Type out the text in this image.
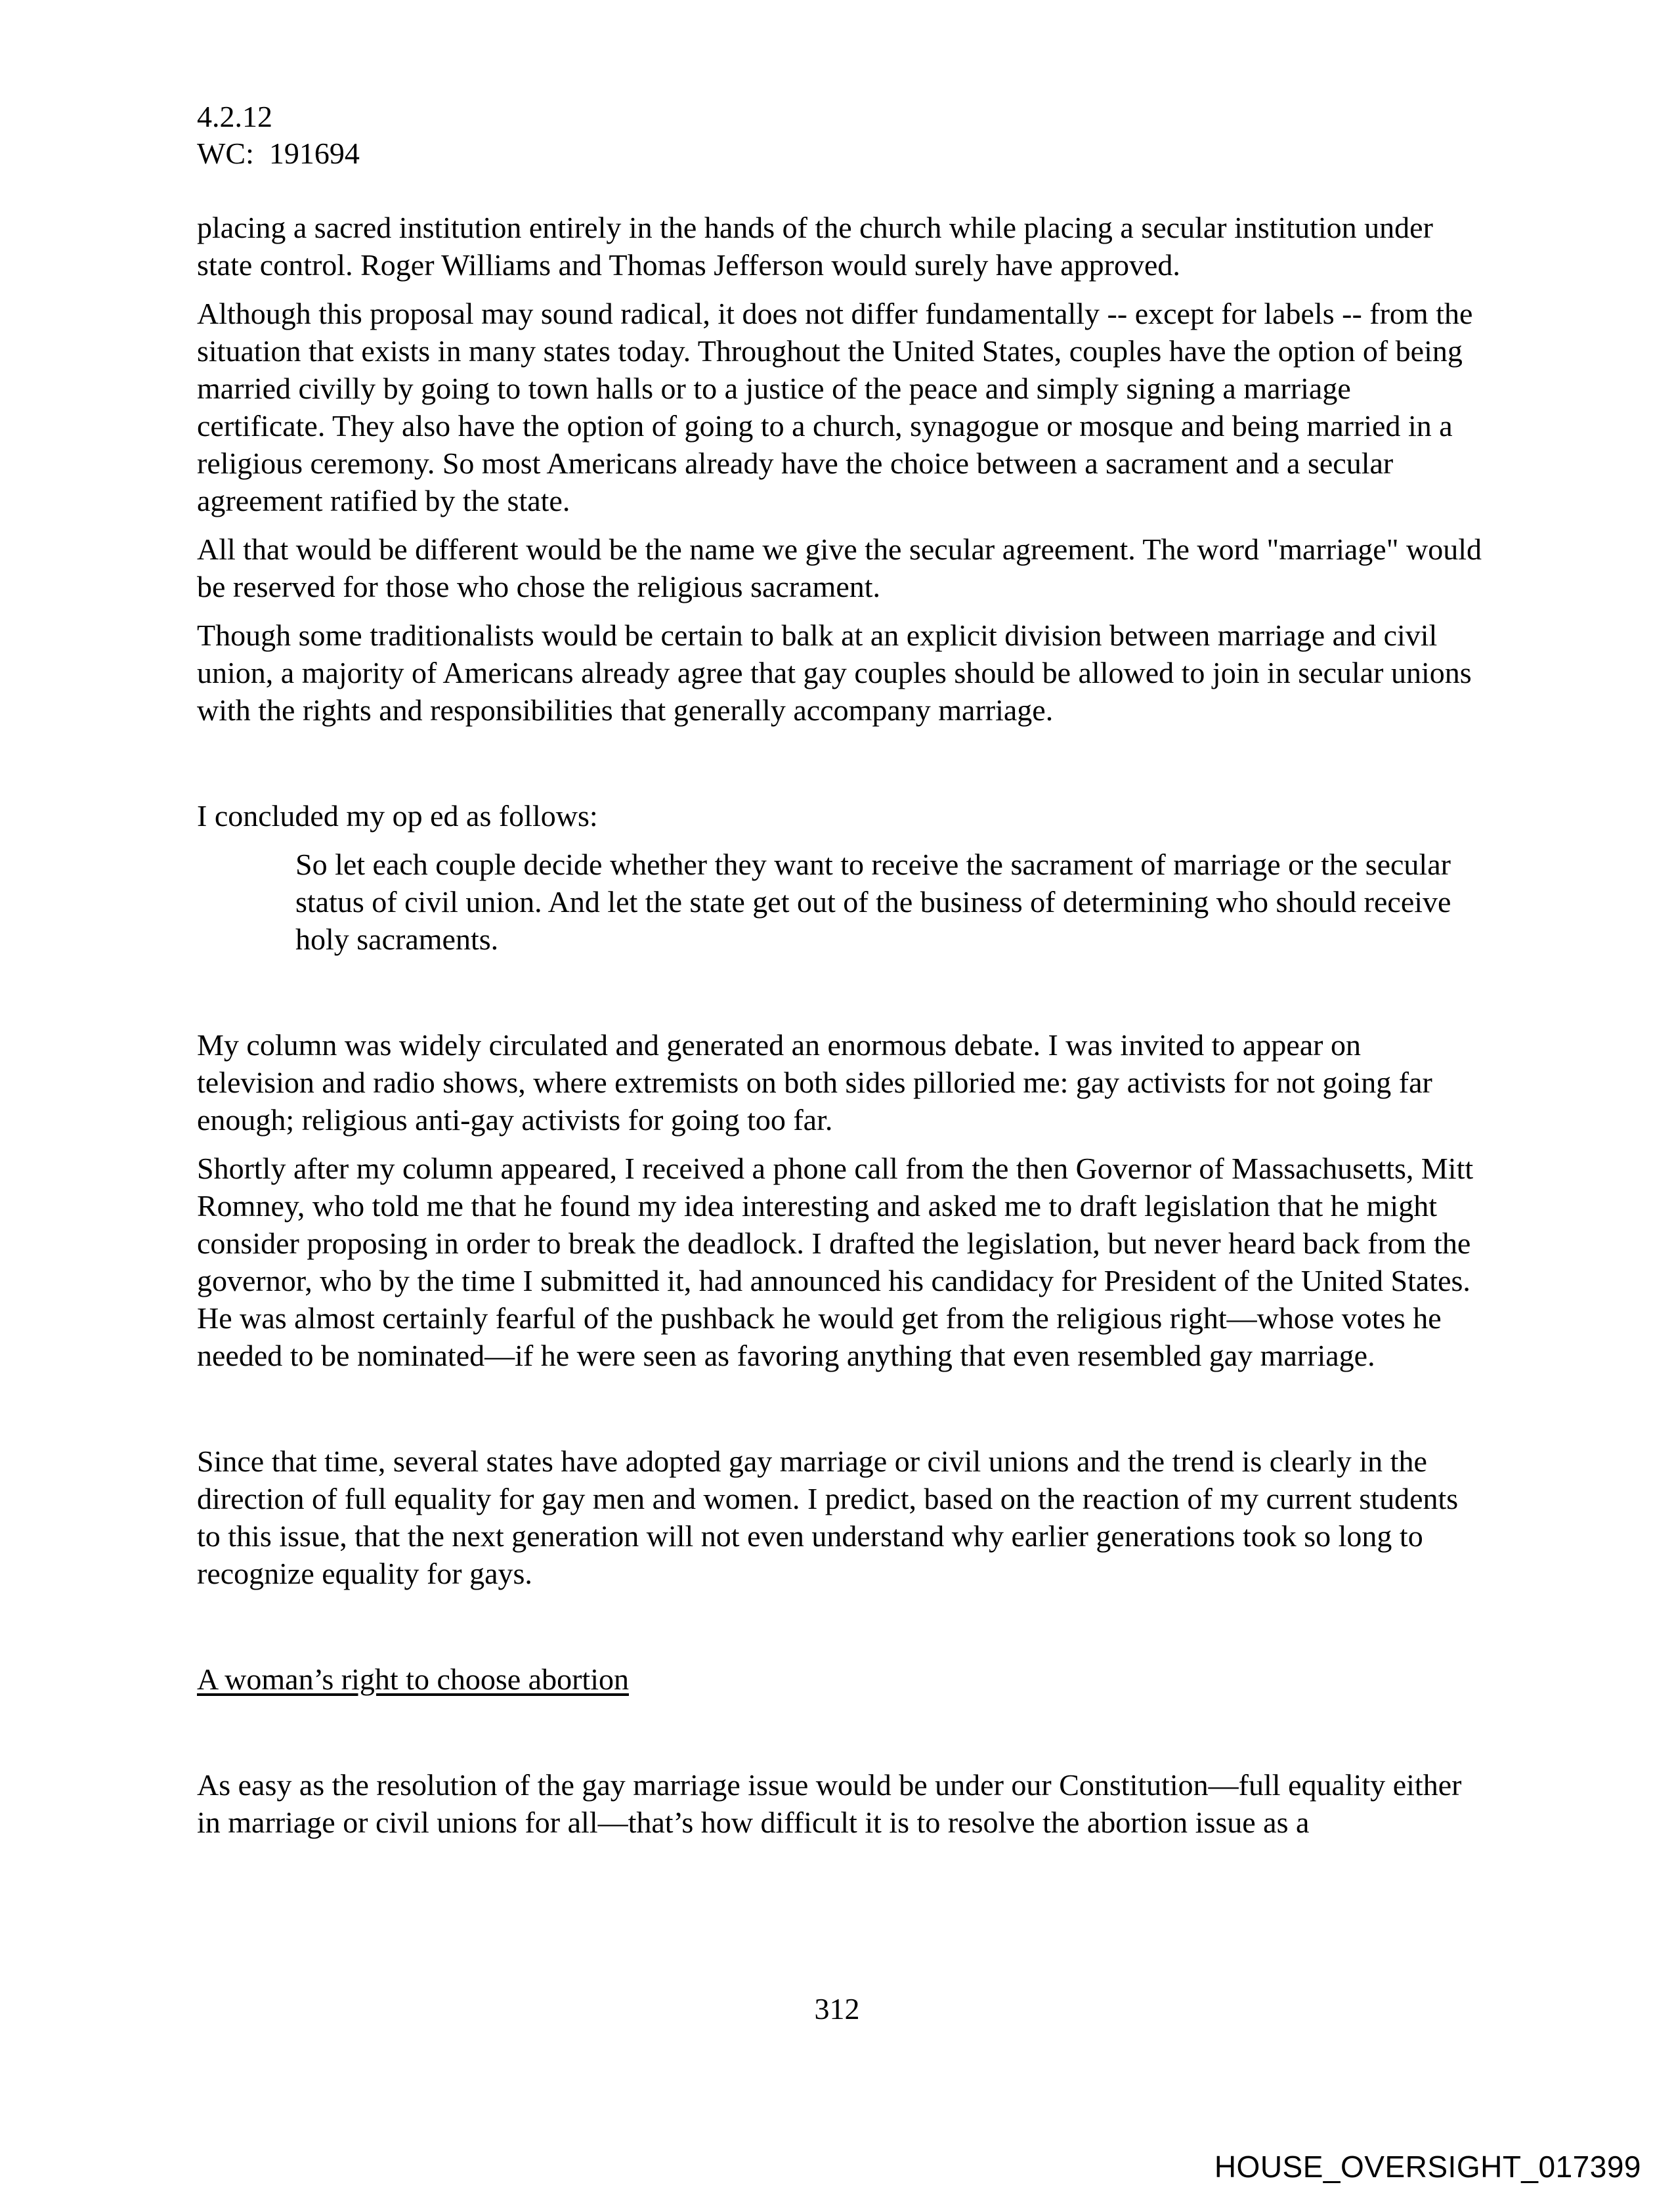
4.2.12
WC:  191694

placing a sacred institution entirely in the hands of the church while placing a secular institution under state control. Roger Williams and Thomas Jefferson would surely have approved.

Although this proposal may sound radical, it does not differ fundamentally -- except for labels -- from the situation that exists in many states today. Throughout the United States, couples have the option of being married civilly by going to town halls or to a justice of the peace and simply signing a marriage certificate. They also have the option of going to a church, synagogue or mosque and being married in a religious ceremony. So most Americans already have the choice between a sacrament and a secular agreement ratified by the state.

All that would be different would be the name we give the secular agreement. The word "marriage" would be reserved for those who chose the religious sacrament.

Though some traditionalists would be certain to balk at an explicit division between marriage and civil union, a majority of Americans already agree that gay couples should be allowed to join in secular unions with the rights and responsibilities that generally accompany marriage.

I concluded my op ed as follows:

So let each couple decide whether they want to receive the sacrament of marriage or the secular status of civil union. And let the state get out of the business of determining who should receive holy sacraments.

My column was widely circulated and generated an enormous debate. I was invited to appear on television and radio shows, where extremists on both sides pilloried me: gay activists for not going far enough; religious anti-gay activists for going too far.

Shortly after my column appeared, I received a phone call from the then Governor of Massachusetts, Mitt Romney, who told me that he found my idea interesting and asked me to draft legislation that he might consider proposing in order to break the deadlock. I drafted the legislation, but never heard back from the governor, who by the time I submitted it, had announced his candidacy for President of the United States. He was almost certainly fearful of the pushback he would get from the religious right—whose votes he needed to be nominated—if he were seen as favoring anything that even resembled gay marriage.

Since that time, several states have adopted gay marriage or civil unions and the trend is clearly in the direction of full equality for gay men and women. I predict, based on the reaction of my current students to this issue, that the next generation will not even understand why earlier generations took so long to recognize equality for gays.

A woman’s right to choose abortion

As easy as the resolution of the gay marriage issue would be under our Constitution—full equality either in marriage or civil unions for all—that’s how difficult it is to resolve the abortion issue as a

312
HOUSE_OVERSIGHT_017399
